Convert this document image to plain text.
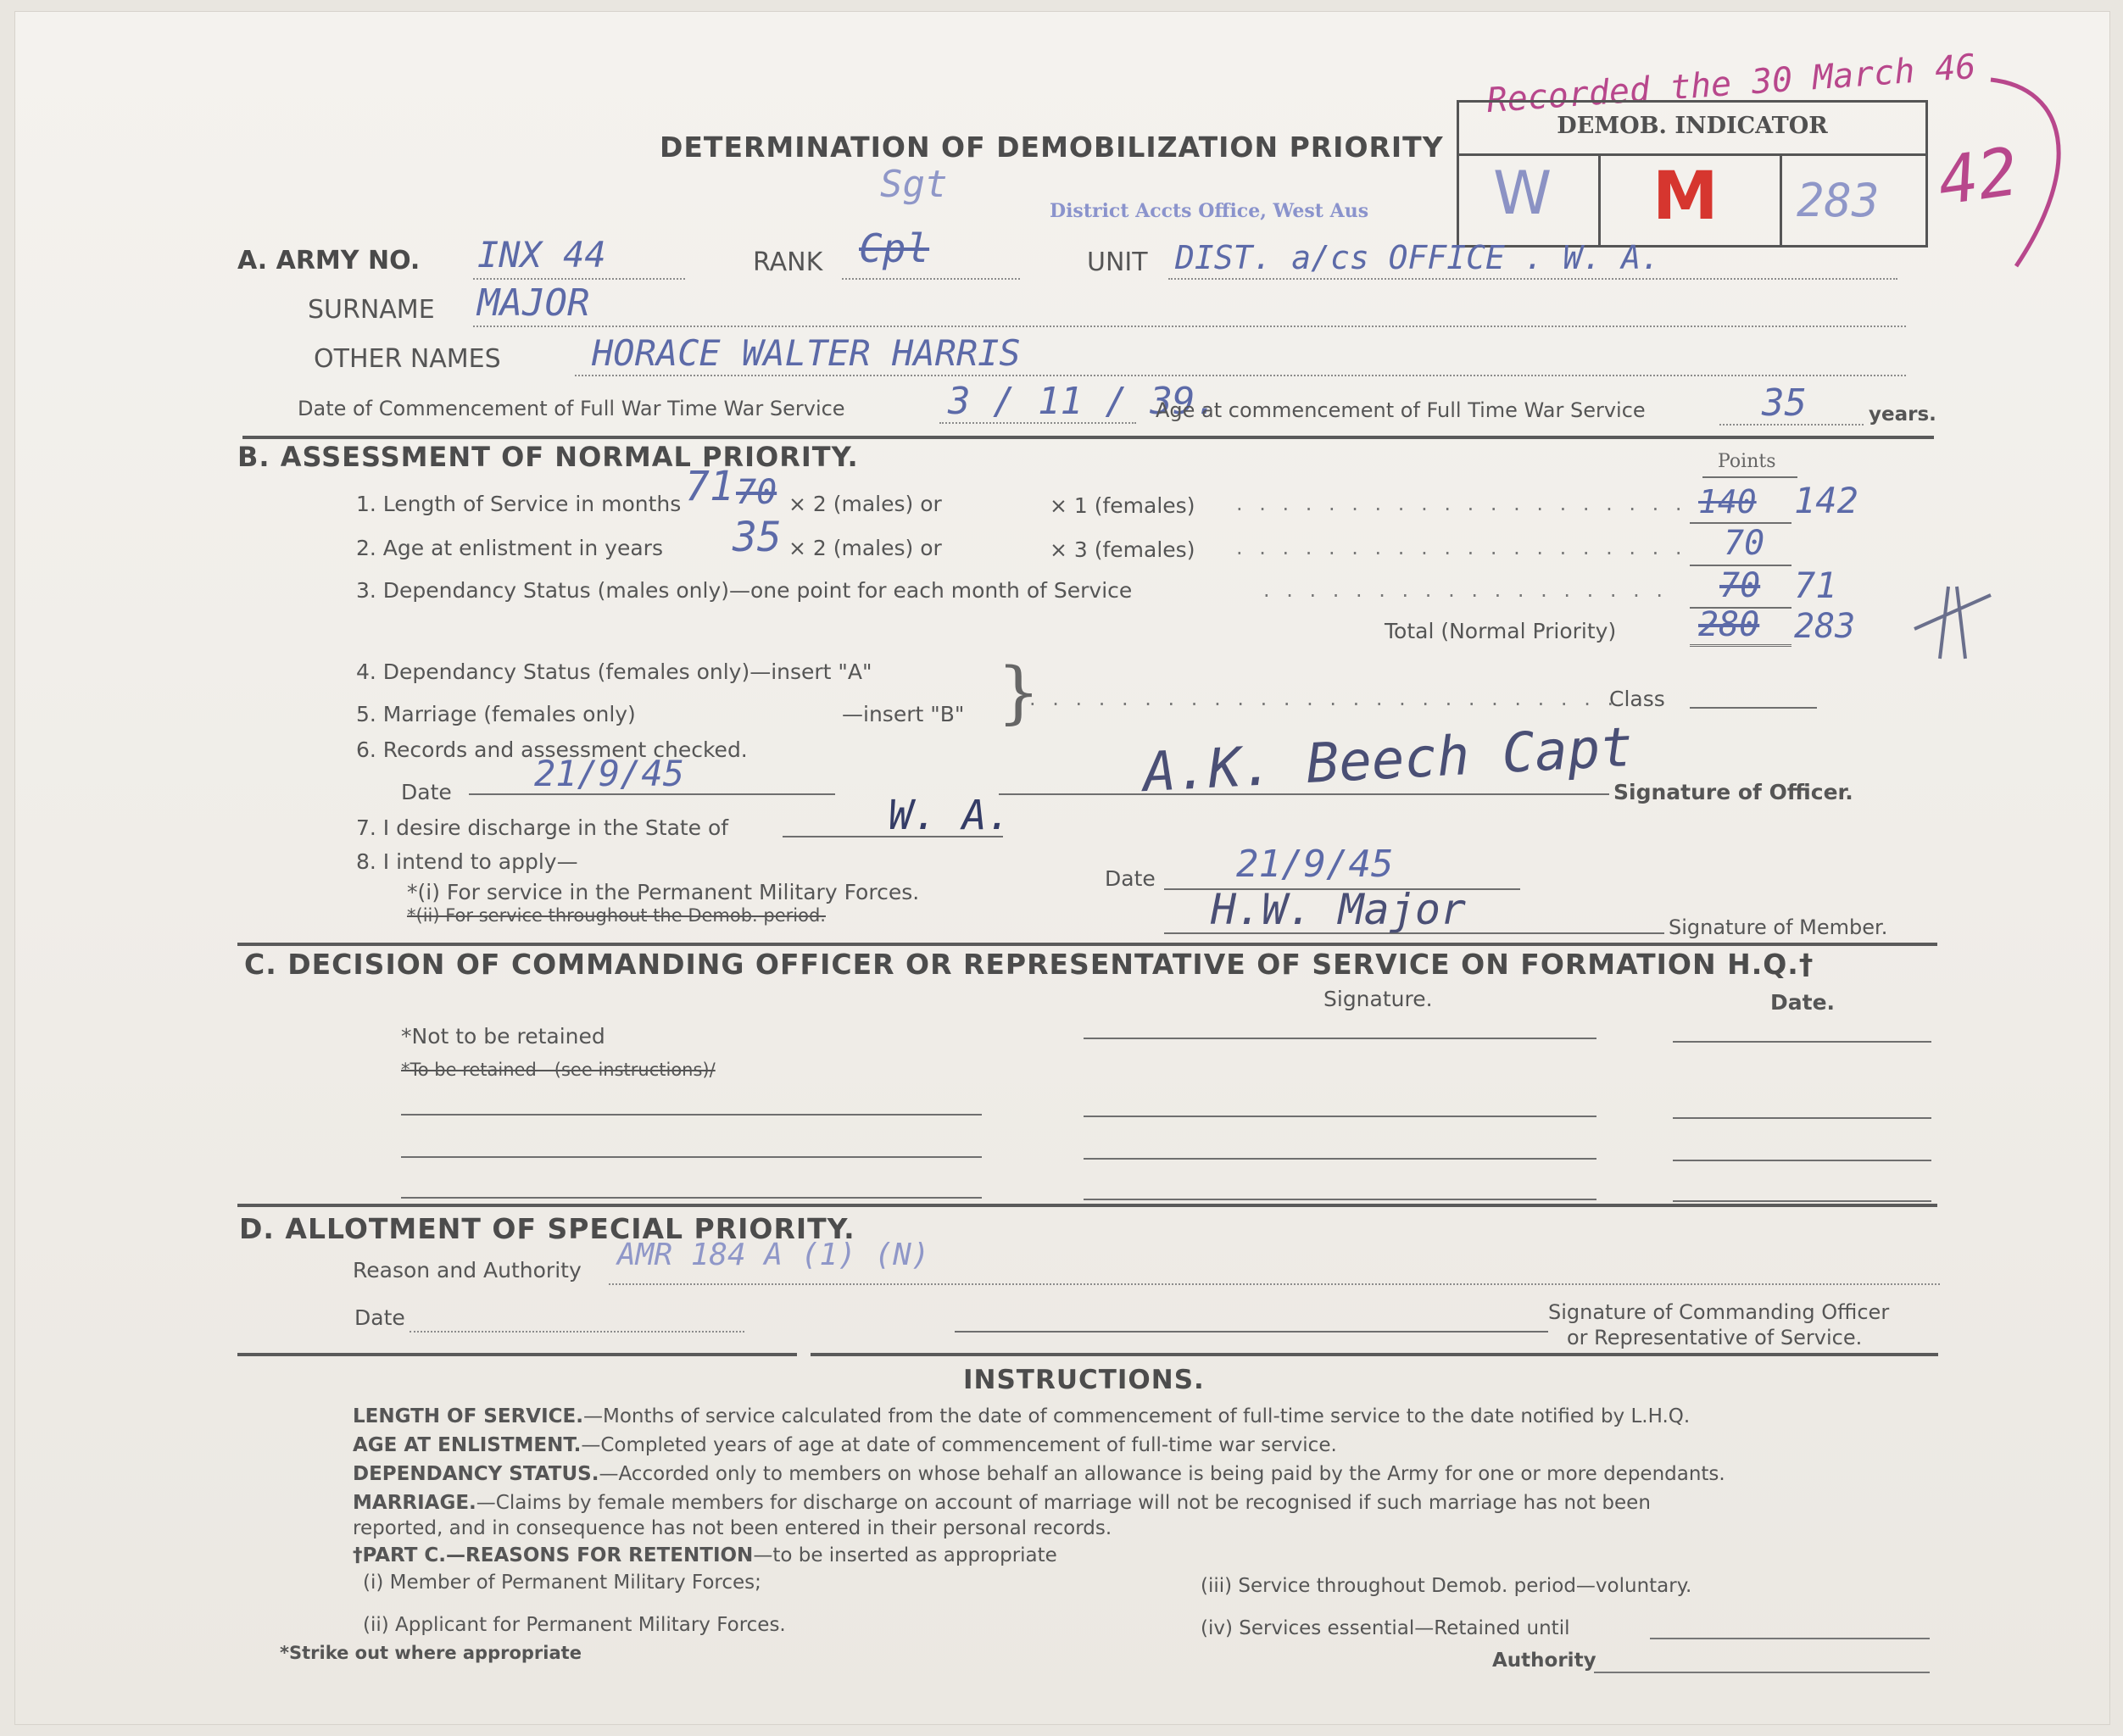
Recorded the 30 March 46
42
DETERMINATION OF DEMOBILIZATION PRIORITY
Sgt
District Accts Office, West Aus
DEMOB. INDICATOR
W M 283
A. ARMY NO. INX 44	RANK Cpl	UNIT DIST. a/cs OFFICE . W. A.
SURNAME MAJOR
OTHER NAMES	HORACE WALTER HARRIS
Date of Commencement of Full War Time War Service	3 / 11 / 39.
Age at commencement of Full Time War Service	35	years.
B. ASSESSMENT OF NORMAL PRIORITY.	Points
1. Length of Service in months 71 70 × 2 (males) or	× 1 (females) . . . . . . . . . . . . . . . . . . . . 140 142
2. Age at enlistment in years 35 × 2 (males) or	× 3 (females) . . . . . . . . . . . . . . . . . . . . 70
3. Dependancy Status (males only)—one point for each month of Service	. . . . . . . . . . . . . . . . . . 70 71
Total (Normal Priority) 280 283
4. Dependancy Status (females only)—insert "A"
5. Marriage (females only)	—insert "B" }
. . . . . . . . . . . . . . . . . . . . . . . . . .
Class
6. Records and assessment checked.
Date 21/9/45	A.K. Beech Capt
Signature of Officer.
7. I desire discharge in the State of	W. A.
8. I intend to apply—
*(i) For service in the Permanent Military Forces.
*(ii) For service throughout the Demob. period.
Date 21/9/45
H.W. Major	Signature of Member.
C. DECISION OF COMMANDING OFFICER OR REPRESENTATIVE OF SERVICE ON FORMATION H.Q.†
Signature.	Date.
*Not to be retained
*To be retained—(see instructions)/
D. ALLOTMENT OF SPECIAL PRIORITY.
Reason and Authority AMR 184 A (1) (N)
Date	Signature of Commanding Officer
or Representative of Service.
INSTRUCTIONS.
LENGTH OF SERVICE.—Months of service calculated from the date of commencement of full-time service to the date notified by L.H.Q.
AGE AT ENLISTMENT.—Completed years of age at date of commencement of full-time war service.
DEPENDANCY STATUS.—Accorded only to members on whose behalf an allowance is being paid by the Army for one or more dependants.
MARRIAGE.—Claims by female members for discharge on account of marriage will not be recognised if such marriage has not been
reported, and in consequence has not been entered in their personal records.
†PART C.—REASONS FOR RETENTION—to be inserted as appropriate
(i) Member of Permanent Military Forces;	(iii) Service throughout Demob. period—voluntary.
(ii) Applicant for Permanent Military Forces.	(iv) Services essential—Retained until
Authority
*Strike out where appropriate
